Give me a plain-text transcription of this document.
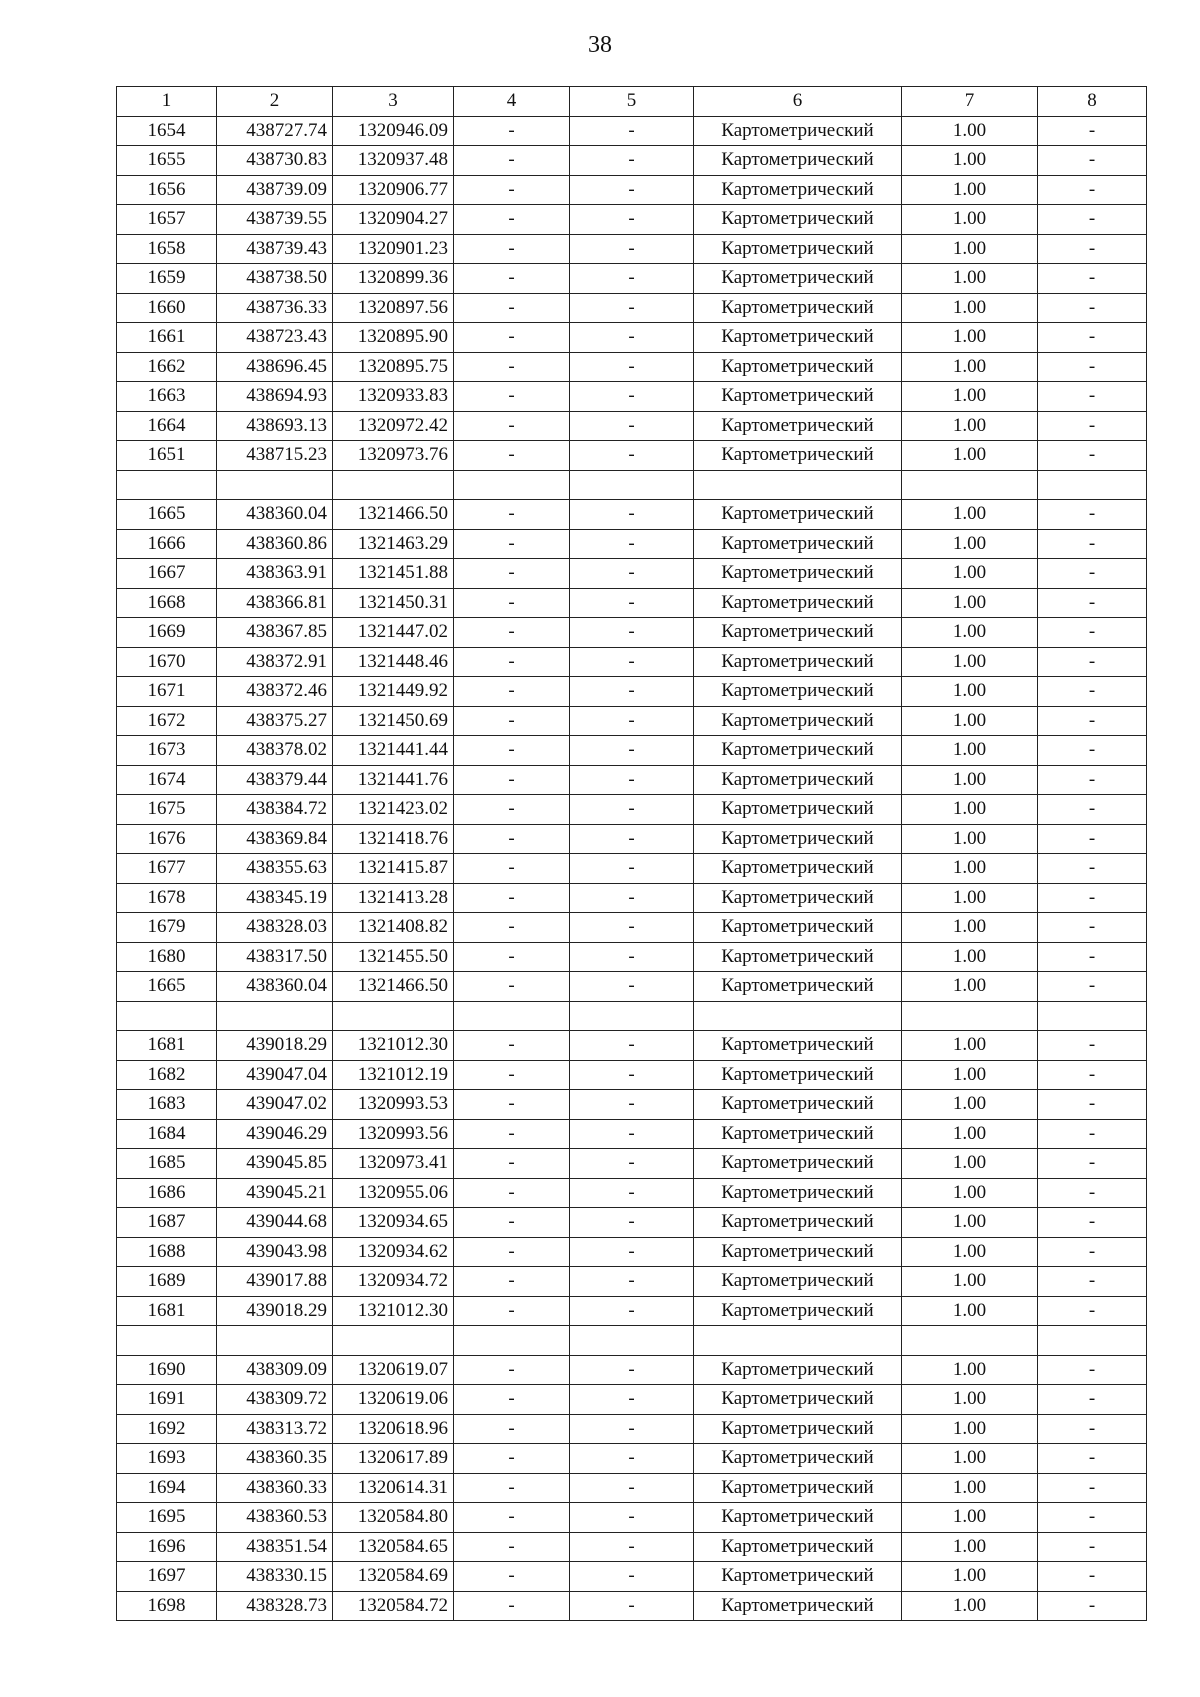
38
1	2	3	4	5	6	7	8
1654	438727.74	1320946.09	-	-	Картометрический	1.00	-
1655	438730.83	1320937.48	-	-	Картометрический	1.00	-
1656	438739.09	1320906.77	-	-	Картометрический	1.00	-
1657	438739.55	1320904.27	-	-	Картометрический	1.00	-
1658	438739.43	1320901.23	-	-	Картометрический	1.00	-
1659	438738.50	1320899.36	-	-	Картометрический	1.00	-
1660	438736.33	1320897.56	-	-	Картометрический	1.00	-
1661	438723.43	1320895.90	-	-	Картометрический	1.00	-
1662	438696.45	1320895.75	-	-	Картометрический	1.00	-
1663	438694.93	1320933.83	-	-	Картометрический	1.00	-
1664	438693.13	1320972.42	-	-	Картометрический	1.00	-
1651	438715.23	1320973.76	-	-	Картометрический	1.00	-

1665	438360.04	1321466.50	-	-	Картометрический	1.00	-
1666	438360.86	1321463.29	-	-	Картометрический	1.00	-
1667	438363.91	1321451.88	-	-	Картометрический	1.00	-
1668	438366.81	1321450.31	-	-	Картометрический	1.00	-
1669	438367.85	1321447.02	-	-	Картометрический	1.00	-
1670	438372.91	1321448.46	-	-	Картометрический	1.00	-
1671	438372.46	1321449.92	-	-	Картометрический	1.00	-
1672	438375.27	1321450.69	-	-	Картометрический	1.00	-
1673	438378.02	1321441.44	-	-	Картометрический	1.00	-
1674	438379.44	1321441.76	-	-	Картометрический	1.00	-
1675	438384.72	1321423.02	-	-	Картометрический	1.00	-
1676	438369.84	1321418.76	-	-	Картометрический	1.00	-
1677	438355.63	1321415.87	-	-	Картометрический	1.00	-
1678	438345.19	1321413.28	-	-	Картометрический	1.00	-
1679	438328.03	1321408.82	-	-	Картометрический	1.00	-
1680	438317.50	1321455.50	-	-	Картометрический	1.00	-
1665	438360.04	1321466.50	-	-	Картометрический	1.00	-

1681	439018.29	1321012.30	-	-	Картометрический	1.00	-
1682	439047.04	1321012.19	-	-	Картометрический	1.00	-
1683	439047.02	1320993.53	-	-	Картометрический	1.00	-
1684	439046.29	1320993.56	-	-	Картометрический	1.00	-
1685	439045.85	1320973.41	-	-	Картометрический	1.00	-
1686	439045.21	1320955.06	-	-	Картометрический	1.00	-
1687	439044.68	1320934.65	-	-	Картометрический	1.00	-
1688	439043.98	1320934.62	-	-	Картометрический	1.00	-
1689	439017.88	1320934.72	-	-	Картометрический	1.00	-
1681	439018.29	1321012.30	-	-	Картометрический	1.00	-

1690	438309.09	1320619.07	-	-	Картометрический	1.00	-
1691	438309.72	1320619.06	-	-	Картометрический	1.00	-
1692	438313.72	1320618.96	-	-	Картометрический	1.00	-
1693	438360.35	1320617.89	-	-	Картометрический	1.00	-
1694	438360.33	1320614.31	-	-	Картометрический	1.00	-
1695	438360.53	1320584.80	-	-	Картометрический	1.00	-
1696	438351.54	1320584.65	-	-	Картометрический	1.00	-
1697	438330.15	1320584.69	-	-	Картометрический	1.00	-
1698	438328.73	1320584.72	-	-	Картометрический	1.00	-
